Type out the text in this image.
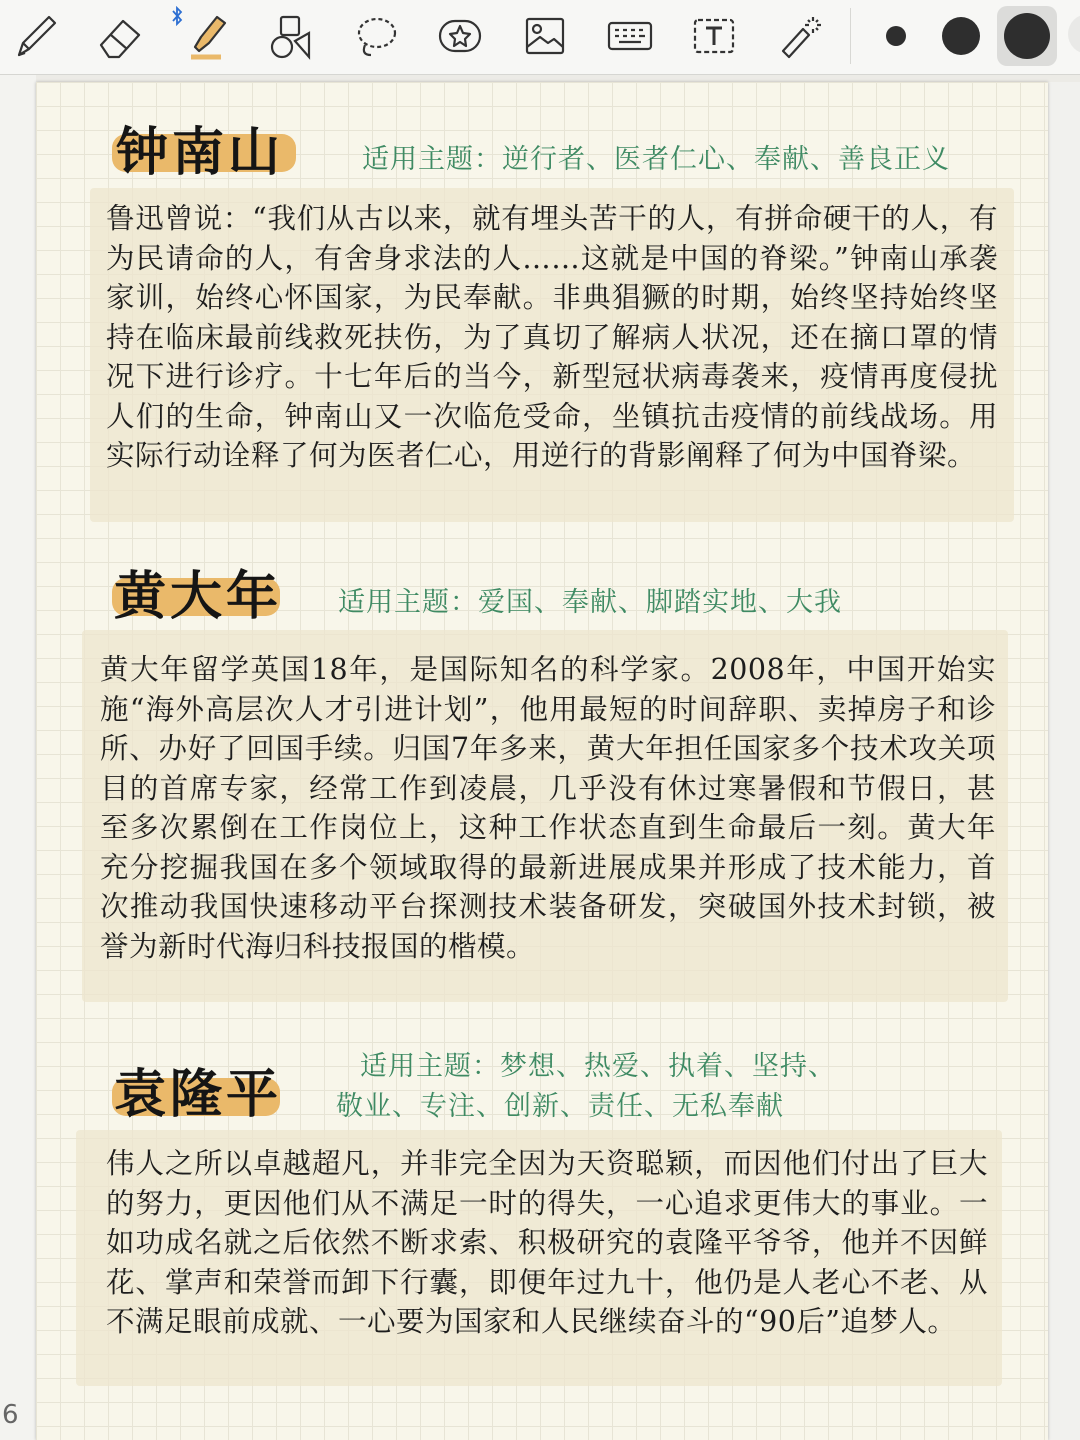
6
钟南山	适用主题：逆行者、医者仁心、奉献、善良正义
鲁迅曾说：“我们从古以来，就有埋头苦干的人，有拼命硬干的人，有为民请命的人，有舍身求法的人……这就是中国的脊梁。”钟南山承袭家训，始终心怀国家，为民奉献。非典猖獗的时期，始终坚持始终坚持在临床最前线救死扶伤，为了真切了解病人状况，还在摘口罩的情况下进行诊疗。十七年后的当今，新型冠状病毒袭来，疫情再度侵扰人们的生命，钟南山又一次临危受命，坐镇抗击疫情的前线战场。用实际行动诠释了何为医者仁心，用逆行的背影阐释了何为中国脊梁。
黄大年 适用主题：爱国、奉献、脚踏实地、大我
黄大年留学英国18年，是国际知名的科学家。2008年，中国开始实施“海外高层次人才引进计划”，他用最短的时间辞职、卖掉房子和诊所、办好了回国手续。归国7年多来，黄大年担任国家多个技术攻关项目的首席专家，经常工作到凌晨，几乎没有休过寒暑假和节假日，甚至多次累倒在工作岗位上，这种工作状态直到生命最后一刻。黄大年充分挖掘我国在多个领域取得的最新进展成果并形成了技术能力，首次推动我国快速移动平台探测技术装备研发，突破国外技术封锁，被誉为新时代海归科技报国的楷模。
袁隆平	适用主题：梦想、热爱、执着、坚持、
敬业、专注、创新、责任、无私奉献
伟人之所以卓越超凡，并非完全因为天资聪颖，而因他们付出了巨大的努力，更因他们从不满足一时的得失，一心追求更伟大的事业。一如功成名就之后依然不断求索、积极研究的袁隆平爷爷，他并不因鲜花、掌声和荣誉而卸下行囊，即便年过九十，他仍是人老心不老、从不满足眼前成就、一心要为国家和人民继续奋斗的“90后”追梦人。
